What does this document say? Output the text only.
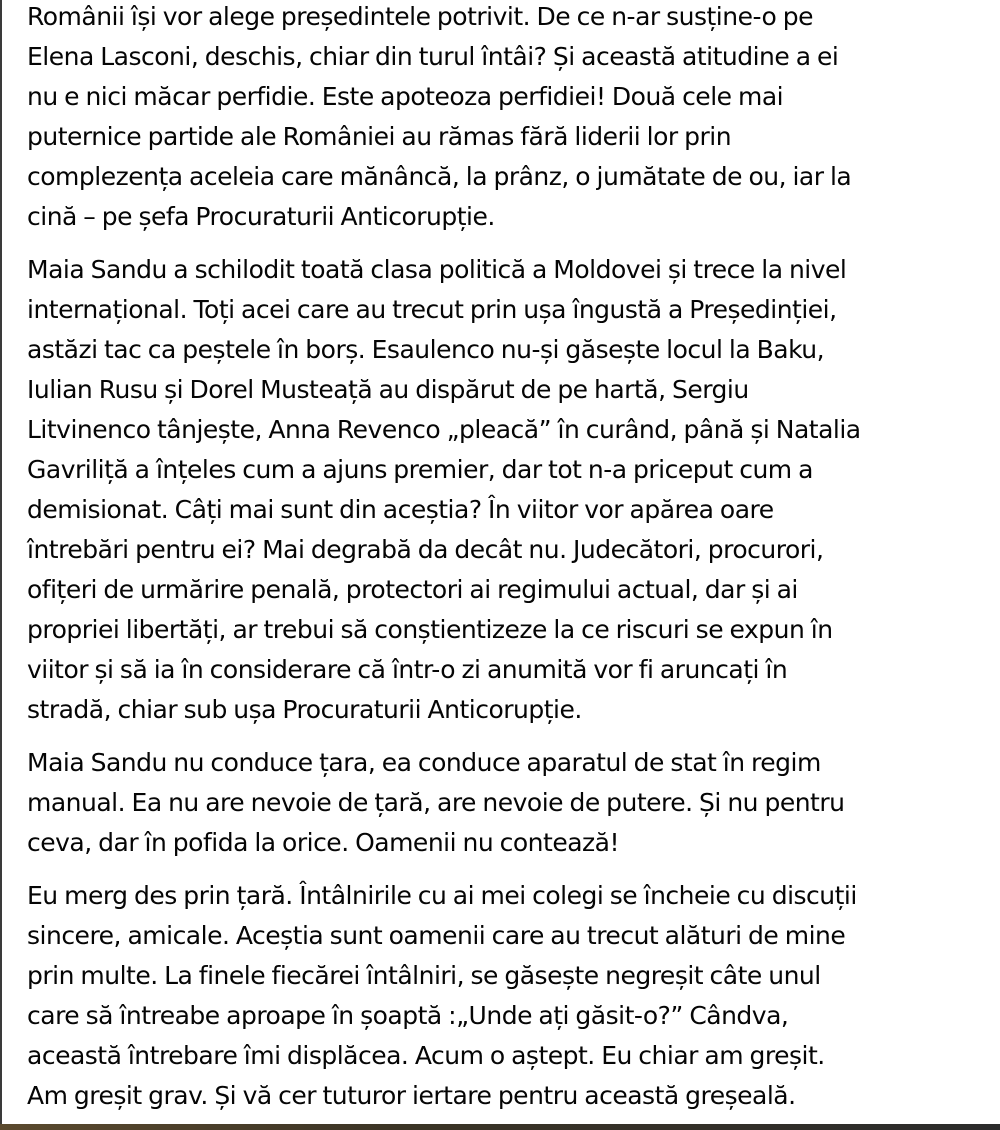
Românii își vor alege președintele potrivit. De ce n-ar susține-o pe
Elena Lasconi, deschis, chiar din turul întâi? Și această atitudine a ei
nu e nici măcar perfidie. Este apoteoza perfidiei! Două cele mai
puternice partide ale României au rămas fără liderii lor prin
complezența aceleia care mănâncă, la prânz, o jumătate de ou, iar la
cină – pe șefa Procuraturii Anticorupție.

Maia Sandu a schilodit toată clasa politică a Moldovei și trece la nivel
internațional. Toți acei care au trecut prin ușa îngustă a Președinției,
astăzi tac ca peștele în borș. Esaulenco nu-și găsește locul la Baku,
Iulian Rusu și Dorel Musteață au dispărut de pe hartă, Sergiu
Litvinenco tânjește, Anna Revenco „pleacă” în curând, până și Natalia
Gavriliță a înțeles cum a ajuns premier, dar tot n-a priceput cum a
demisionat. Câți mai sunt din aceștia? În viitor vor apărea oare
întrebări pentru ei? Mai degrabă da decât nu. Judecători, procurori,
ofițeri de urmărire penală, protectori ai regimului actual, dar și ai
propriei libertăți, ar trebui să conștientizeze la ce riscuri se expun în
viitor și să ia în considerare că într-o zi anumită vor fi aruncați în
stradă, chiar sub ușa Procuraturii Anticorupție.

Maia Sandu nu conduce țara, ea conduce aparatul de stat în regim
manual. Ea nu are nevoie de țară, are nevoie de putere. Și nu pentru
ceva, dar în pofida la orice. Oamenii nu contează!

Eu merg des prin țară. Întâlnirile cu ai mei colegi se încheie cu discuții
sincere, amicale. Aceștia sunt oamenii care au trecut alături de mine
prin multe. La finele fiecărei întâlniri, se găsește negreșit câte unul
care să întreabe aproape în șoaptă :„Unde ați găsit-o?” Cândva,
această întrebare îmi displăcea. Acum o aștept. Eu chiar am greșit.
Am greșit grav. Și vă cer tuturor iertare pentru această greșeală.
